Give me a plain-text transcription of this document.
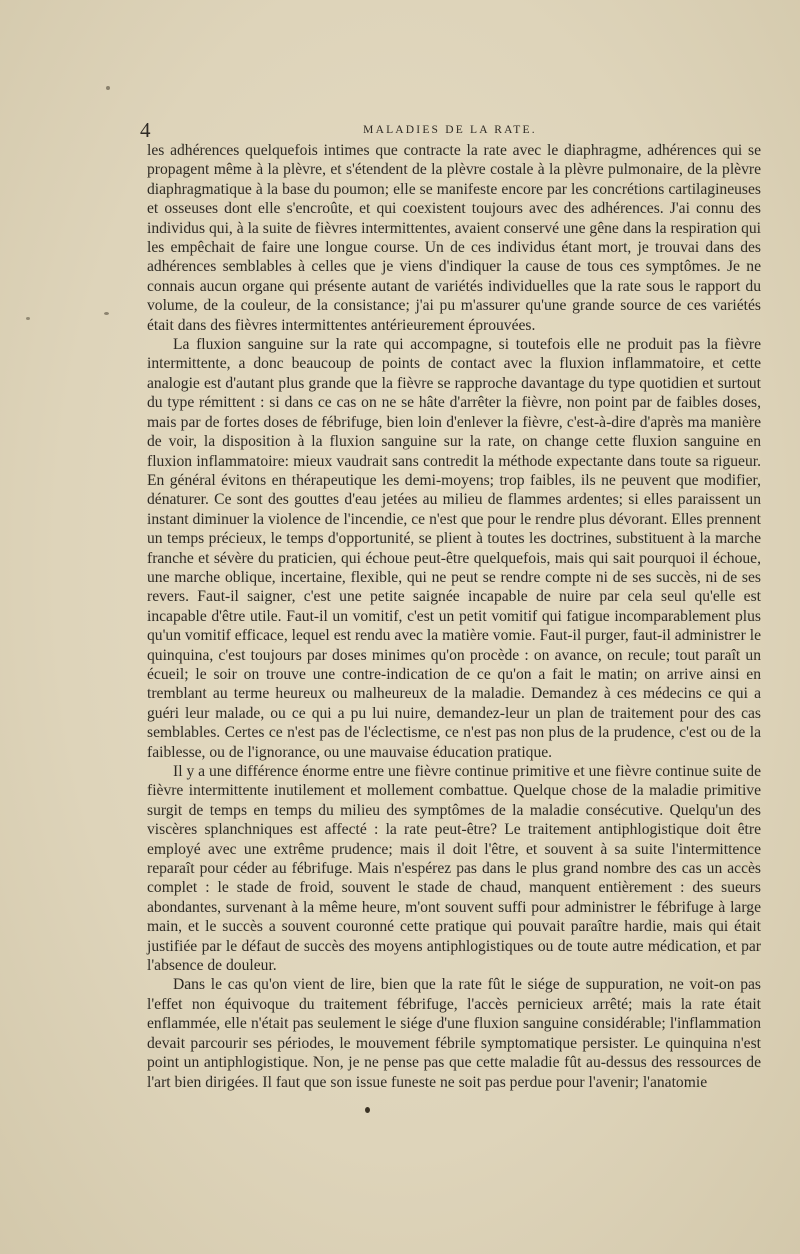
4	MALADIES DE LA RATE.

les adhérences quelquefois intimes que contracte la rate avec le diaphragme, adhérences qui se propagent même à la plèvre, et s'étendent de la plèvre costale à la plèvre pulmonaire, de la plèvre diaphragmatique à la base du poumon; elle se manifeste encore par les concrétions cartilagineuses et osseuses dont elle s'encroûte, et qui coexistent toujours avec des adhérences. J'ai connu des individus qui, à la suite de fièvres intermittentes, avaient conservé une gêne dans la respiration qui les empêchait de faire une longue course. Un de ces individus étant mort, je trouvai dans des adhérences semblables à celles que je viens d'indiquer la cause de tous ces symptômes. Je ne connais aucun organe qui présente autant de variétés individuelles que la rate sous le rapport du volume, de la couleur, de la consistance; j'ai pu m'assurer qu'une grande source de ces variétés était dans des fièvres intermittentes antérieurement éprouvées.

La fluxion sanguine sur la rate qui accompagne, si toutefois elle ne produit pas la fièvre intermittente, a donc beaucoup de points de contact avec la fluxion inflammatoire, et cette analogie est d'autant plus grande que la fièvre se rapproche davantage du type quotidien et surtout du type rémittent : si dans ce cas on ne se hâte d'arrêter la fièvre, non point par de faibles doses, mais par de fortes doses de fébrifuge, bien loin d'enlever la fièvre, c'est-à-dire d'après ma manière de voir, la disposition à la fluxion sanguine sur la rate, on change cette fluxion sanguine en fluxion inflammatoire: mieux vaudrait sans contredit la méthode expectante dans toute sa rigueur. En général évitons en thérapeutique les demi-moyens; trop faibles, ils ne peuvent que modifier, dénaturer. Ce sont des gouttes d'eau jetées au milieu de flammes ardentes; si elles paraissent un instant diminuer la violence de l'incendie, ce n'est que pour le rendre plus dévorant. Elles prennent un temps précieux, le temps d'opportunité, se plient à toutes les doctrines, substituent à la marche franche et sévère du praticien, qui échoue peut-être quelquefois, mais qui sait pourquoi il échoue, une marche oblique, incertaine, flexible, qui ne peut se rendre compte ni de ses succès, ni de ses revers. Faut-il saigner, c'est une petite saignée incapable de nuire par cela seul qu'elle est incapable d'être utile. Faut-il un vomitif, c'est un petit vomitif qui fatigue incomparablement plus qu'un vomitif efficace, lequel est rendu avec la matière vomie. Faut-il purger, faut-il administrer le quinquina, c'est toujours par doses minimes qu'on procède : on avance, on recule; tout paraît un écueil; le soir on trouve une contre-indication de ce qu'on a fait le matin; on arrive ainsi en tremblant au terme heureux ou malheureux de la maladie. Demandez à ces médecins ce qui a guéri leur malade, ou ce qui a pu lui nuire, demandez-leur un plan de traitement pour des cas semblables. Certes ce n'est pas de l'éclectisme, ce n'est pas non plus de la prudence, c'est ou de la faiblesse, ou de l'ignorance, ou une mauvaise éducation pratique.

Il y a une différence énorme entre une fièvre continue primitive et une fièvre continue suite de fièvre intermittente inutilement et mollement combattue. Quelque chose de la maladie primitive surgit de temps en temps du milieu des symptômes de la maladie consécutive. Quelqu'un des viscères splanchniques est affecté : la rate peut-être? Le traitement antiphlogistique doit être employé avec une extrême prudence; mais il doit l'être, et souvent à sa suite l'intermittence reparaît pour céder au fébrifuge. Mais n'espérez pas dans le plus grand nombre des cas un accès complet : le stade de froid, souvent le stade de chaud, manquent entièrement : des sueurs abondantes, survenant à la même heure, m'ont souvent suffi pour administrer le fébrifuge à large main, et le succès a souvent couronné cette pratique qui pouvait paraître hardie, mais qui était justifiée par le défaut de succès des moyens antiphlogistiques ou de toute autre médication, et par l'absence de douleur.

Dans le cas qu'on vient de lire, bien que la rate fût le siége de suppuration, ne voit-on pas l'effet non équivoque du traitement fébrifuge, l'accès pernicieux arrêté; mais la rate était enflammée, elle n'était pas seulement le siége d'une fluxion sanguine considérable; l'inflammation devait parcourir ses périodes, le mouvement fébrile symptomatique persister. Le quinquina n'est point un antiphlogistique. Non, je ne pense pas que cette maladie fût au-dessus des ressources de l'art bien dirigées. Il faut que son issue funeste ne soit pas perdue pour l'avenir; l'anatomie
